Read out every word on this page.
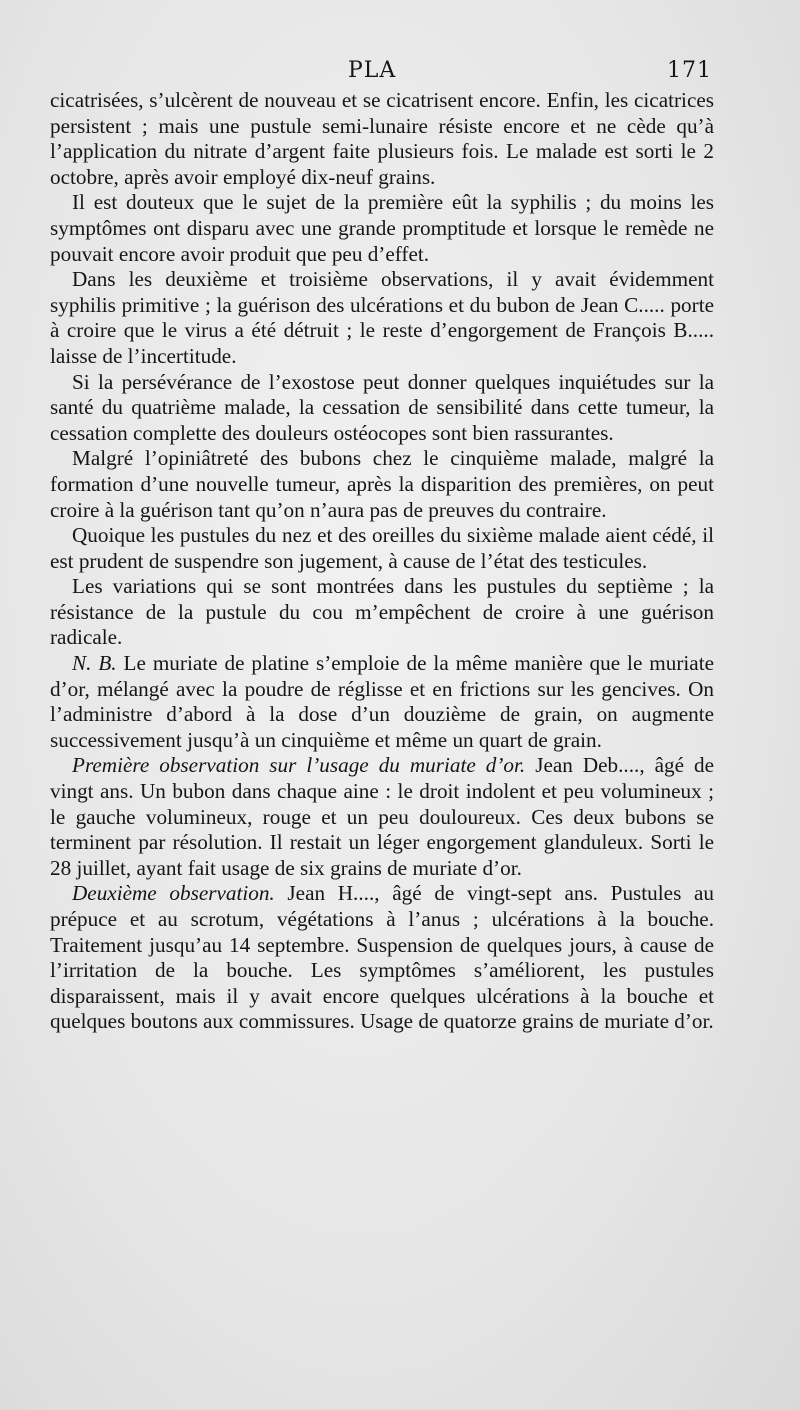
PLA	171

cicatrisées, s’ulcèrent de nouveau et se cicatrisent encore. Enfin, les cicatrices persistent ; mais une pustule semi-lunaire résiste encore et ne cède qu’à l’application du nitrate d’argent faite plusieurs fois. Le malade est sorti le 2 octobre, après avoir employé dix-neuf grains.

Il est douteux que le sujet de la première eût la syphilis ; du moins les symptômes ont disparu avec une grande promptitude et lorsque le remède ne pouvait encore avoir produit que peu d’effet.

Dans les deuxième et troisième observations, il y avait évidemment syphilis primitive ; la guérison des ulcérations et du bubon de Jean C..... porte à croire que le virus a été détruit ; le reste d’engorgement de François B..... laisse de l’incertitude.

Si la persévérance de l’exostose peut donner quelques inquiétudes sur la santé du quatrième malade, la cessation de sensibilité dans cette tumeur, la cessation complette des douleurs ostéocopes sont bien rassurantes.

Malgré l’opiniâtreté des bubons chez le cinquième malade, malgré la formation d’une nouvelle tumeur, après la disparition des premières, on peut croire à la guérison tant qu’on n’aura pas de preuves du contraire.

Quoique les pustules du nez et des oreilles du sixième malade aient cédé, il est prudent de suspendre son jugement, à cause de l’état des testicules.

Les variations qui se sont montrées dans les pustules du septième ; la résistance de la pustule du cou m’empêchent de croire à une guérison radicale.

N. B. Le muriate de platine s’emploie de la même manière que le muriate d’or, mélangé avec la poudre de réglisse et en frictions sur les gencives. On l’administre d’abord à la dose d’un douzième de grain, on augmente successivement jusqu’à un cinquième et même un quart de grain.

Première observation sur l’usage du muriate d’or. Jean Deb...., âgé de vingt ans. Un bubon dans chaque aine : le droit indolent et peu volumineux ; le gauche volumineux, rouge et un peu douloureux. Ces deux bubons se terminent par résolution. Il restait un léger engorgement glanduleux. Sorti le 28 juillet, ayant fait usage de six grains de muriate d’or.

Deuxième observation. Jean H...., âgé de vingt-sept ans. Pustules au prépuce et au scrotum, végétations à l’anus ; ulcérations à la bouche. Traitement jusqu’au 14 septembre. Suspension de quelques jours, à cause de l’irritation de la bouche. Les symptômes s’améliorent, les pustules disparaissent, mais il y avait encore quelques ulcérations à la bouche et quelques boutons aux commissures. Usage de quatorze grains de muriate d’or.
